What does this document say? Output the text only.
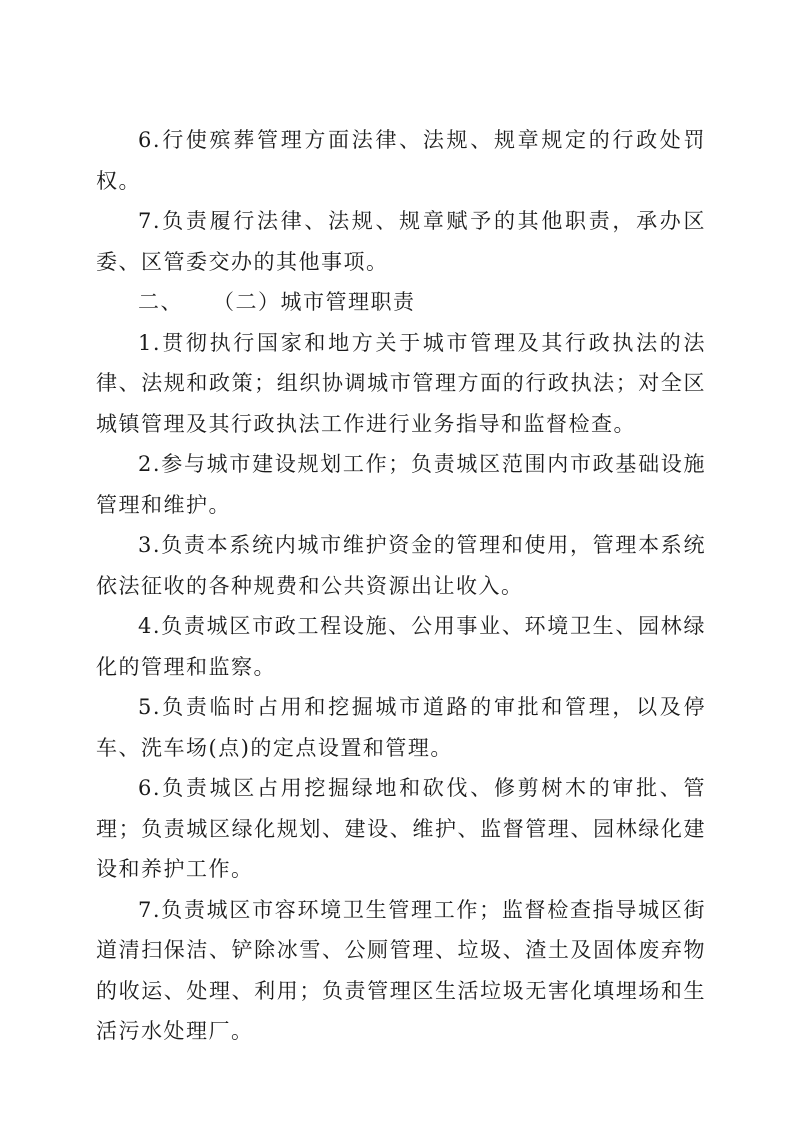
6.行使殡葬管理方面法律、法规、规章规定的行政处罚权。

7.负责履行法律、法规、规章赋予的其他职责，承办区委、区管委交办的其他事项。

二、 （二）城市管理职责

1.贯彻执行国家和地方关于城市管理及其行政执法的法律、法规和政策；组织协调城市管理方面的行政执法；对全区城镇管理及其行政执法工作进行业务指导和监督检查。

2.参与城市建设规划工作；负责城区范围内市政基础设施管理和维护。

3.负责本系统内城市维护资金的管理和使用，管理本系统依法征收的各种规费和公共资源出让收入。

4.负责城区市政工程设施、公用事业、环境卫生、园林绿化的管理和监察。

5.负责临时占用和挖掘城市道路的审批和管理，以及停车、洗车场(点)的定点设置和管理。

6.负责城区占用挖掘绿地和砍伐、修剪树木的审批、管理；负责城区绿化规划、建设、维护、监督管理、园林绿化建设和养护工作。

7.负责城区市容环境卫生管理工作；监督检查指导城区街道清扫保洁、铲除冰雪、公厕管理、垃圾、渣土及固体废弃物的收运、处理、利用；负责管理区生活垃圾无害化填埋场和生活污水处理厂。
